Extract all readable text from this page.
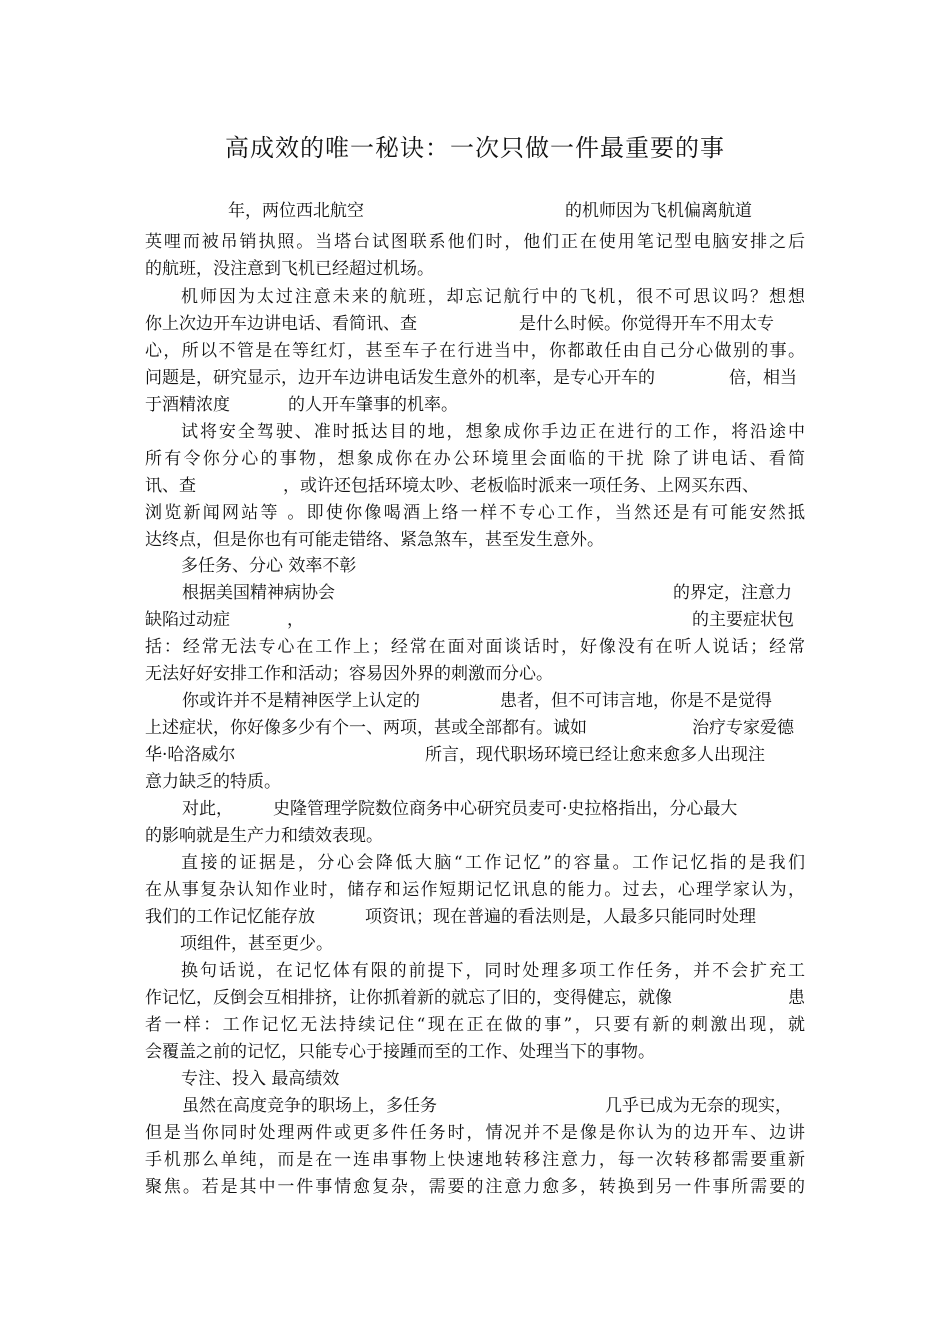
高成效的唯一秘诀：一次只做一件最重要的事
年，两位西北航空	的机师因为飞机偏离航道
英哩而被吊销执照。当塔台试图联系他们时，他们正在使用笔记型电脑安排之后
的航班，没注意到飞机已经超过机场。
机师因为太过注意未来的航班，却忘记航行中的飞机，很不可思议吗？想想
你上次边开车边讲电话、看简讯、查	是什么时候。你觉得开车不用太专
心，所以不管是在等红灯，甚至车子在行进当中，你都敢任由自己分心做别的事。
问题是，研究显示，边开车边讲电话发生意外的机率，是专心开车的	倍，相当
于酒精浓度	的人开车肇事的机率。
试将安全驾驶、准时抵达目的地，想象成你手边正在进行的工作，将沿途中
所有令你分心的事物，想象成你在办公环境里会面临的干扰 除了讲电话、看简
讯、查	，或许还包括环境太吵、老板临时派来一项任务、上网买东西、
浏览新闻网站等 。即使你像喝酒上络一样不专心工作，当然还是有可能安然抵
达终点，但是你也有可能走错络、紧急煞车，甚至发生意外。
多任务、分心 效率不彰
根据美国精神病协会	的界定，注意力
缺陷过动症	，	的主要症状包
括：经常无法专心在工作上；经常在面对面谈话时，好像没有在听人说话；经常
无法好好安排工作和活动；容易因外界的刺激而分心。
你或许并不是精神医学上认定的	患者，但不可讳言地，你是不是觉得
上述症状，你好像多少有个一、两项，甚或全部都有。诚如	治疗专家爱德
华·哈洛威尔	所言，现代职场环境已经让愈来愈多人出现注
意力缺乏的特质。
对此， 史隆管理学院数位商务中心研究员麦可·史拉格指出，分心最大
的影响就是生产力和绩效表现。
直接的证据是，分心会降低大脑“工作记忆”的容量。工作记忆指的是我们
在从事复杂认知作业时，储存和运作短期记忆讯息的能力。过去，心理学家认为，
我们的工作记忆能存放	项资讯；现在普遍的看法则是，人最多只能同时处理
项组件，甚至更少。
换句话说，在记忆体有限的前提下，同时处理多项工作任务，并不会扩充工
作记忆，反倒会互相排挤，让你抓着新的就忘了旧的，变得健忘，就像	患
者一样：工作记忆无法持续记住“现在正在做的事”，只要有新的刺激出现，就
会覆盖之前的记忆，只能专心于接踵而至的工作、处理当下的事物。
专注、投入 最高绩效
虽然在高度竞争的职场上，多任务	几乎已成为无奈的现实，
但是当你同时处理两件或更多件任务时，情况并不是像是你认为的边开车、边讲
手机那么单纯，而是在一连串事物上快速地转移注意力，每一次转移都需要重新
聚焦。若是其中一件事情愈复杂，需要的注意力愈多，转换到另一件事所需要的
